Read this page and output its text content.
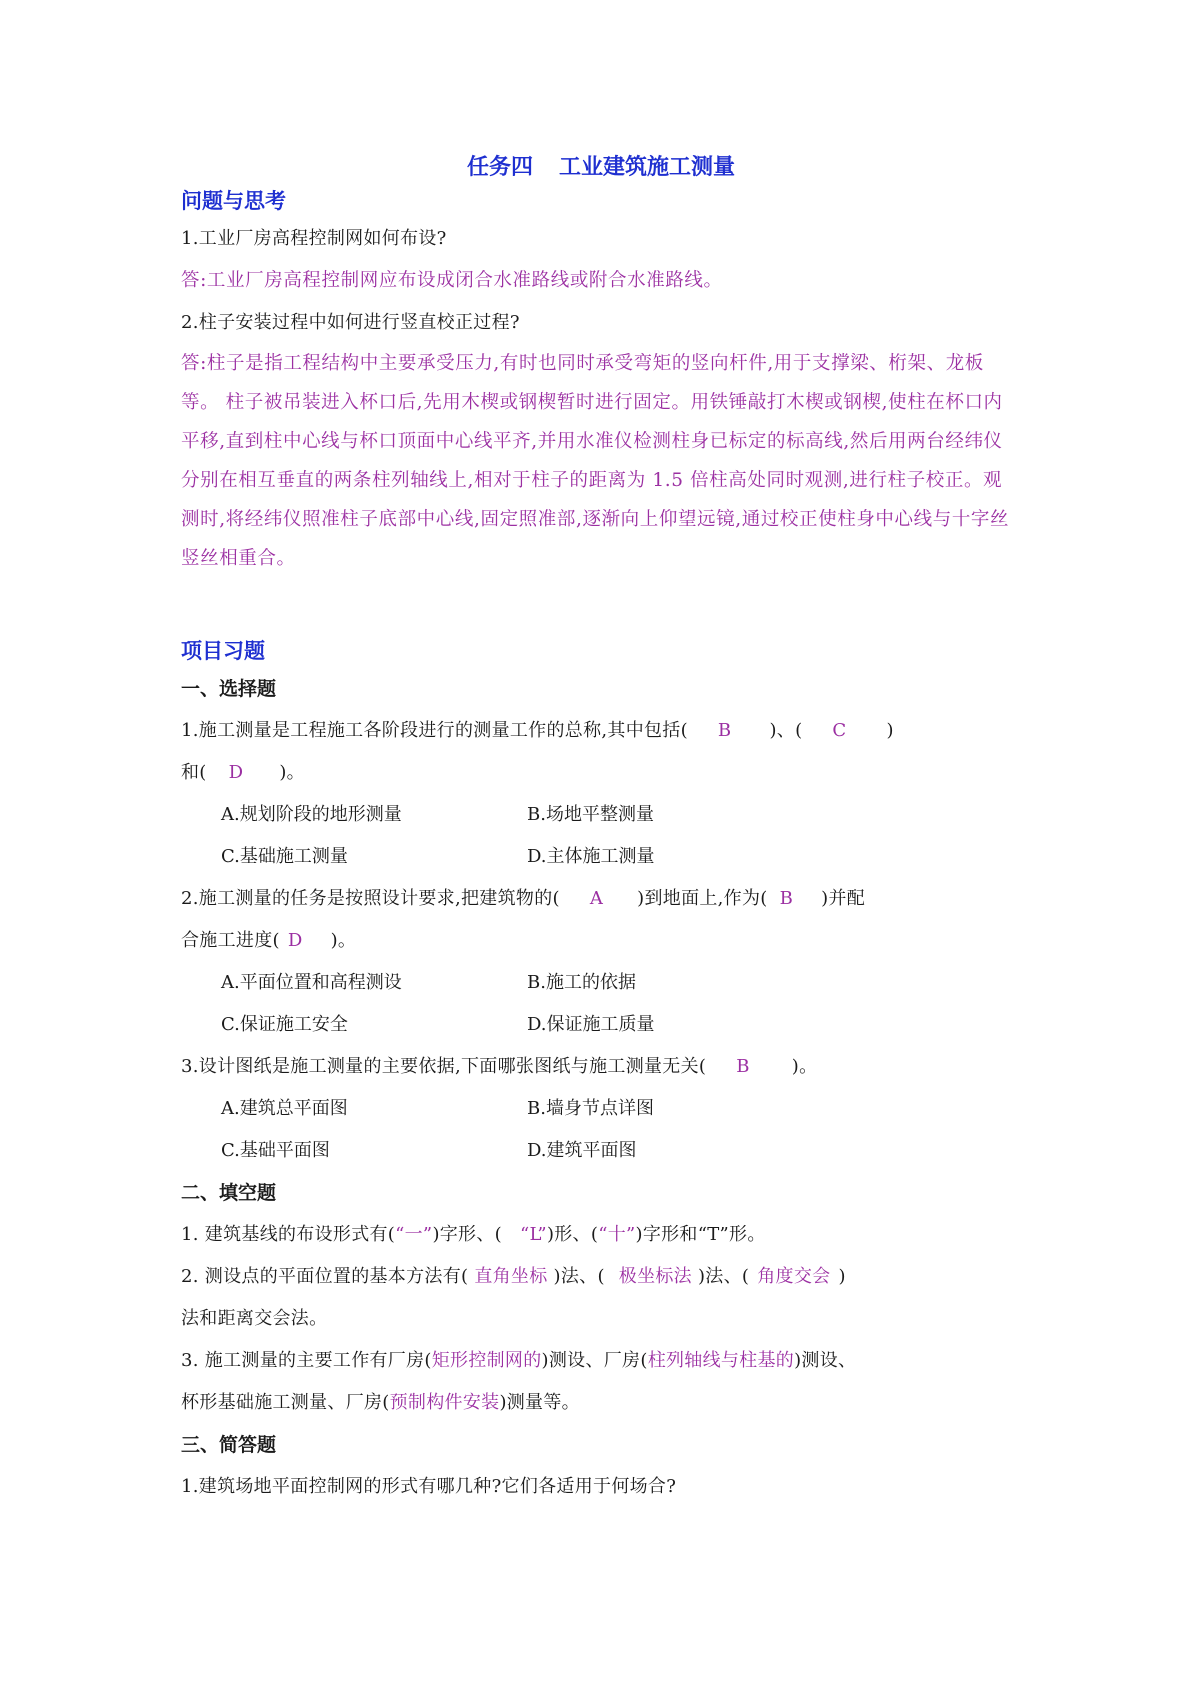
任务四 工业建筑施工测量
问题与思考
1.工业厂房高程控制网如何布设?
答:工业厂房高程控制网应布设成闭合水准路线或附合水准路线。
2.柱子安装过程中如何进行竖直校正过程?
答:柱子是指工程结构中主要承受压力,有时也同时承受弯矩的竖向杆件,用于支撑梁、桁架、龙板等。 柱子被吊装进入杯口后,先用木楔或钢楔暂时进行固定。用铁锤敲打木楔或钢楔,使柱在杯口内平移,直到柱中心线与杯口顶面中心线平齐,并用水准仪检测柱身已标定的标高线,然后用两台经纬仪分别在相互垂直的两条柱列轴线上,相对于柱子的距离为 1.5 倍柱高处同时观测,进行柱子校正。观测时,将经纬仪照准柱子底部中心线,固定照准部,逐渐向上仰望远镜,通过校正使柱身中心线与十字丝竖丝相重合。
项目习题
一、选择题
1.施工测量是工程施工各阶段进行的测量工作的总称,其中包括( B )、( C )
和( D )。
A.规划阶段的地形测量	B.场地平整测量
C.基础施工测量	D.主体施工测量
2.施工测量的任务是按照设计要求,把建筑物的( A )到地面上,作为( B )并配
合施工进度( D )。
A.平面位置和高程测设	B.施工的依据
C.保证施工安全	D.保证施工质量
3.设计图纸是施工测量的主要依据,下面哪张图纸与施工测量无关( B )。
A.建筑总平面图	B.墙身节点详图
C.基础平面图	D.建筑平面图
二、填空题
1. 建筑基线的布设形式有(“一”)字形、( “L”)形、(“十”)字形和“T”形。
2. 测设点的平面位置的基本方法有( 直角坐标 )法、( 极坐标法 )法、( 角度交会 )
法和距离交会法。
3. 施工测量的主要工作有厂房(矩形控制网的)测设、厂房(柱列轴线与柱基的)测设、
杯形基础施工测量、厂房(预制构件安装)测量等。
三、简答题
1.建筑场地平面控制网的形式有哪几种?它们各适用于何场合?
